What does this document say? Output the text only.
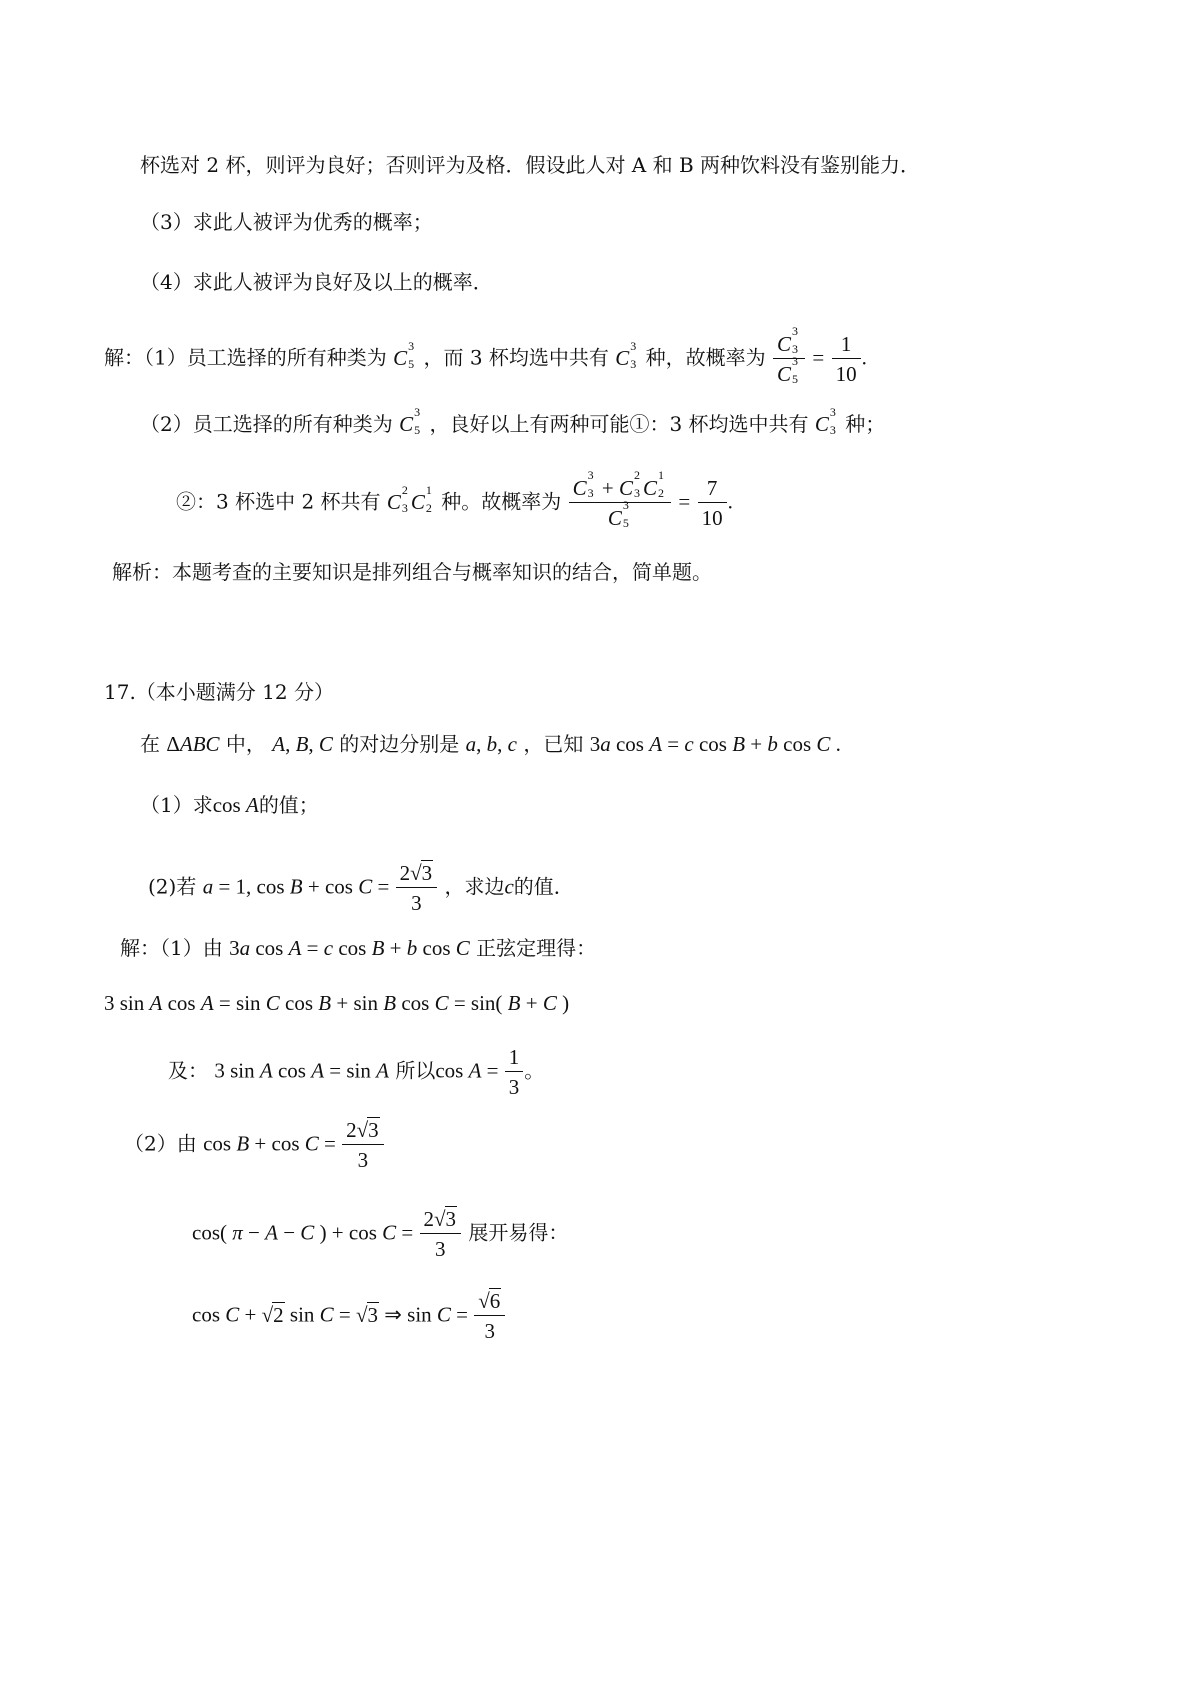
杯选对 2 杯，则评为良好；否则评为及格．假设此人对 A 和 B 两种饮料没有鉴别能力．
（3）求此人被评为优秀的概率；
（4）求此人被评为良好及以上的概率．
解：（1）员工选择的所有种类为 C 3
5 ，而 3 杯均选中共有 C 3
3 种，故概率为 C
3
3
C
3
$5 = \frac{1}{10}$ .
（2）员工选择的所有种类为 C 3
5 ，良好以上有两种可能①：3 杯均选中共有 C 3
3 种；
②：3 杯选中 2 杯共有 C 2
3 C 1
2 种。故概率为 C
3
3 + C
2
3 C
1
2
C
3
$5 = \frac{7}{10}$ .
解析：本题考查的主要知识是排列组合与概率知识的结合，简单题。
17.（本小题满分 12 分）
在 ΔABC 中， A, B, C 的对边分别是 a, b, c ，已知 3a cos A = c cos B + b cos C .
（1）求cos A的值；
(2)若 a = 1, $\cos B + \cos C = \frac{2√3}{3}$ ，求边c的值．
解：（1）由 3a cos A = c cos B + b cos C 正弦定理得：
3 sin A cos A = sin C cos B + sin B cos C = sin( B + C )
及： 3 sin A cos A = sin A 所以$\cos A = \frac{1}{3}$ 。
（2）由 $\cos B + \cos C = \frac{2√3}{3}$
cos( π − A − C ) + $\cos C = \frac{2√3}{3}$ 展开易得：
cos C + √2 sin C = √3 ⇒ $\sin C = \frac{√6}{3}$
